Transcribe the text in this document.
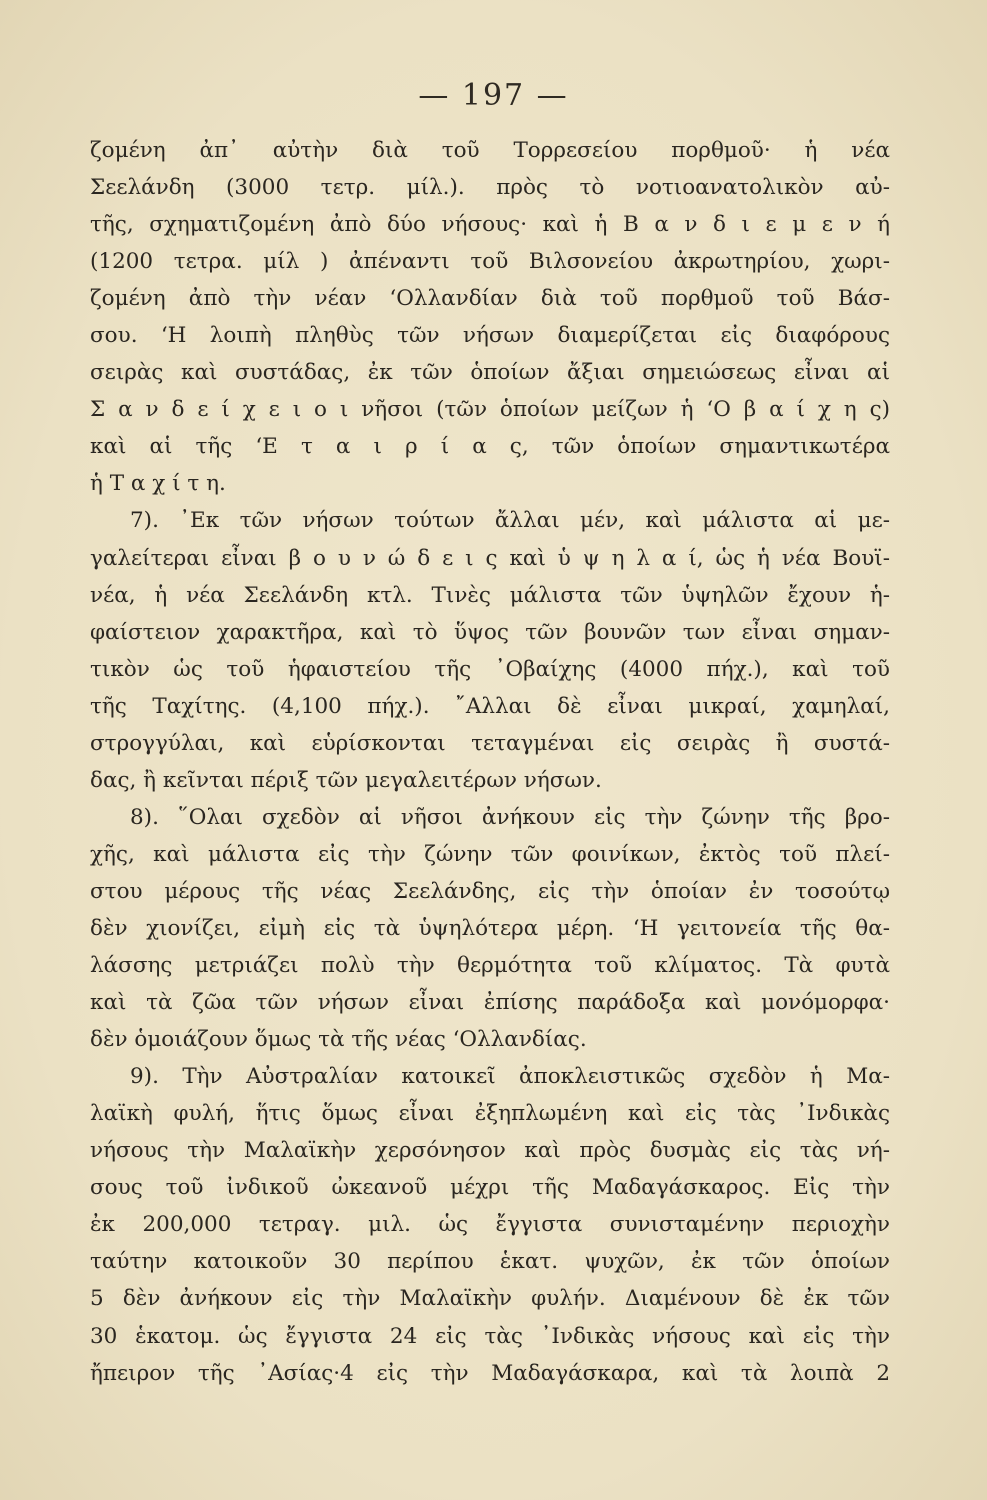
— 197 —
ζομένη ἀπ᾽ αὐτὴν διὰ τοῦ Τορρεσείου πορθμοῦ· ἡ νέα
Σεελάνδη (3000 τετρ. μίλ.). πρὸς τὸ νοτιοανατολικὸν αὐ-
τῆς, σχηματιζομένη ἀπὸ δύο νήσους· καὶ ἡ Β α ν δ ι ε μ ε ν ή
(1200 τετρα. μίλ ) ἀπέναντι τοῦ Βιλσονείου ἀκρωτηρίου, χωρι-
ζομένη ἀπὸ τὴν νέαν ‘Ολλανδίαν διὰ τοῦ πορθμοῦ τοῦ Βάσ-
σου. ‘Η λοιπὴ πληθὺς τῶν νήσων διαμερίζεται εἰς διαφόρους
σειρὰς καὶ συστάδας, ἐκ τῶν ὁποίων ἄξιαι σημειώσεως εἶναι αἱ
Σ α ν δ ε ί χ ε ι ο ι νῆσοι (τῶν ὁποίων μείζων ἡ ‘Ο β α ί χ η ς)
καὶ αἱ τῆς ‘Ε τ α ι ρ ί α ς, τῶν ὁποίων σημαντικωτέρα
ἡ Τ α χ ί τ η.
7). ᾽Εκ τῶν νήσων τούτων ἄλλαι μέν, καὶ μάλιστα αἱ με-
γαλείτεραι εἶναι β ο υ ν ώ δ ε ι ς καὶ ὑ ψ η λ α ί, ὡς ἡ νέα Βουϊ-
νέα, ἡ νέα Σεελάνδη κτλ. Τινὲς μάλιστα τῶν ὑψηλῶν ἔχουν ἡ-
φαίστειον χαρακτῆρα, καὶ τὸ ὕψος τῶν βουνῶν των εἶναι σημαν-
τικὸν ὡς τοῦ ἡφαιστείου τῆς ᾽Οβαίχης (4000 πήχ.), καὶ τοῦ
τῆς Ταχίτης. (4,100 πήχ.). ῎Αλλαι δὲ εἶναι μικραί, χαμηλαί,
στρογγύλαι, καὶ εὑρίσκονται τεταγμέναι εἰς σειρὰς ἢ συστά-
δας, ἢ κεῖνται πέριξ τῶν μεγαλειτέρων νήσων.
8). ῞Ολαι σχεδὸν αἱ νῆσοι ἀνήκουν εἰς τὴν ζώνην τῆς βρο-
χῆς, καὶ μάλιστα εἰς τὴν ζώνην τῶν φοινίκων, ἐκτὸς τοῦ πλεί-
στου μέρους τῆς νέας Σεελάνδης, εἰς τὴν ὁποίαν ἐν τοσούτῳ
δὲν χιονίζει, εἰμὴ εἰς τὰ ὑψηλότερα μέρη. ‘Η γειτονεία τῆς θα-
λάσσης μετριάζει πολὺ τὴν θερμότητα τοῦ κλίματος. Τὰ φυτὰ
καὶ τὰ ζῶα τῶν νήσων εἶναι ἐπίσης παράδοξα καὶ μονόμορφα·
δὲν ὁμοιάζουν ὅμως τὰ τῆς νέας ‘Ολλανδίας.
9). Τὴν Αὐστραλίαν κατοικεῖ ἀποκλειστικῶς σχεδὸν ἡ Μα-
λαϊκὴ φυλή, ἥτις ὅμως εἶναι ἐξηπλωμένη καὶ εἰς τὰς ᾽Ινδικὰς
νήσους τὴν Μαλαϊκὴν χερσόνησον καὶ πρὸς δυσμὰς εἰς τὰς νή-
σους τοῦ ἰνδικοῦ ὠκεανοῦ μέχρι τῆς Μαδαγάσκαρος. Εἰς τὴν
ἐκ 200,000 τετραγ. μιλ. ὡς ἔγγιστα συνισταμένην περιοχὴν
ταύτην κατοικοῦν 30 περίπου ἑκατ. ψυχῶν, ἐκ τῶν ὁποίων
5 δὲν ἀνήκουν εἰς τὴν Μαλαϊκὴν φυλήν. Διαμένουν δὲ ἐκ τῶν
30 ἑκατομ. ὡς ἔγγιστα 24 εἰς τὰς ᾽Ινδικὰς νήσους καὶ εἰς τὴν
ἤπειρον τῆς ᾽Ασίας·4 εἰς τὴν Μαδαγάσκαρα, καὶ τὰ λοιπὰ 2
